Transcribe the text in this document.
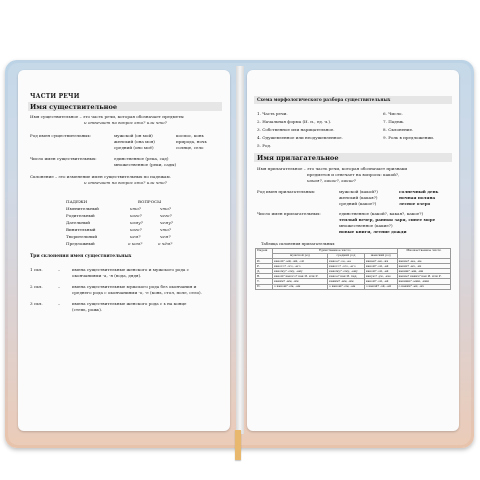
ЧАСТИ РЕЧИ
Имя существительное
Имя существительное – это часть речи, которая обозначает предметы
и отвечает на вопрос кто? или что?
Род имен существительных:	мужской (он мой)	космос, конь
женский (она моя)	природа, ночь
средний (оно моё)	солнце, село
Число имен существительных:	единственное (река, сад)
множественное (реки, сады)
Склонение – это изменение имен существительных по падежам.
и отвечает на вопрос кто? или что?
ПАДЕЖИ	ВОПРОСЫ
Именительный	кто?	что?
Родительный	кого?	чего?
Дательный	кому?	чему?
Винительный	кого?	что?
Творительный	кем?	чем?
Предложный	о ком?	о чём?
Три склонения имен существительных
1 скл.	–	имена существительные женского и мужского рода с
окончаниями -а, -я (вода, дядя).
2 скл.	–	имена существительные мужского рода без окончания и
среднего рода с окончаниями -о, -е (конь, стол, поле, село).
3 скл.	–	имена существительные женского рода с ь на конце
(степь, рожь).
Схема морфологического разбора существительных
1. Часть речи.
2. Начальная форма (И. п., ед. ч.).
3. Собственное или нарицательное.
4. Одушевленное или неодушевленное.
5. Род.
6. Число.
7. Падеж.
8. Склонение.
9. Роль в предложении.
Имя прилагательное
Имя прилагательное – это часть речи, которая обозначает признаки
предметов и отвечает на вопросы: какой?,
какая?, какое?, какие?
Род имен прилагательных:	мужской (какой?)	солнечный день
женский (какая?)	ночная поляна
средний (какое?)	лесное озеро
Число имен прилагательных:	единственное (какой?, какая?, какое?)
теплый вечер, ранняя заря, синее море
множественное (какие?)
новые книги, летние дожди
Таблица склонения прилагательных
Падеж	Единственное число			Множественное число
	мужской род	средний род	женский род	
И.	какой? -ый, -ий, -ой	какое? -ое, -ее	какая? -ая, -яя	какие? -ые, -ие
Р.	какого? -ого, -его	какого? -ого, -его	какой? -ой, -ей	каких? -ых, -их
Д.	какому? -ому, -ему	какому? -ому, -ему	какой? -ой, -ей	каким? -ым, -им
В.	какой? какого? как И. или Р.	какое? как И. пад.	какую? -ую, -юю	какие? каких? как И. или Р.
Т.	каким? -ым, -им	каким? -ым, -им	какой? -ой, -ей	какими? -ыми, -ими
П.	о каком? -ом, -ем	о каком? -ом, -ем	о какой? -ой, -ей	о каких? -ых, -их
